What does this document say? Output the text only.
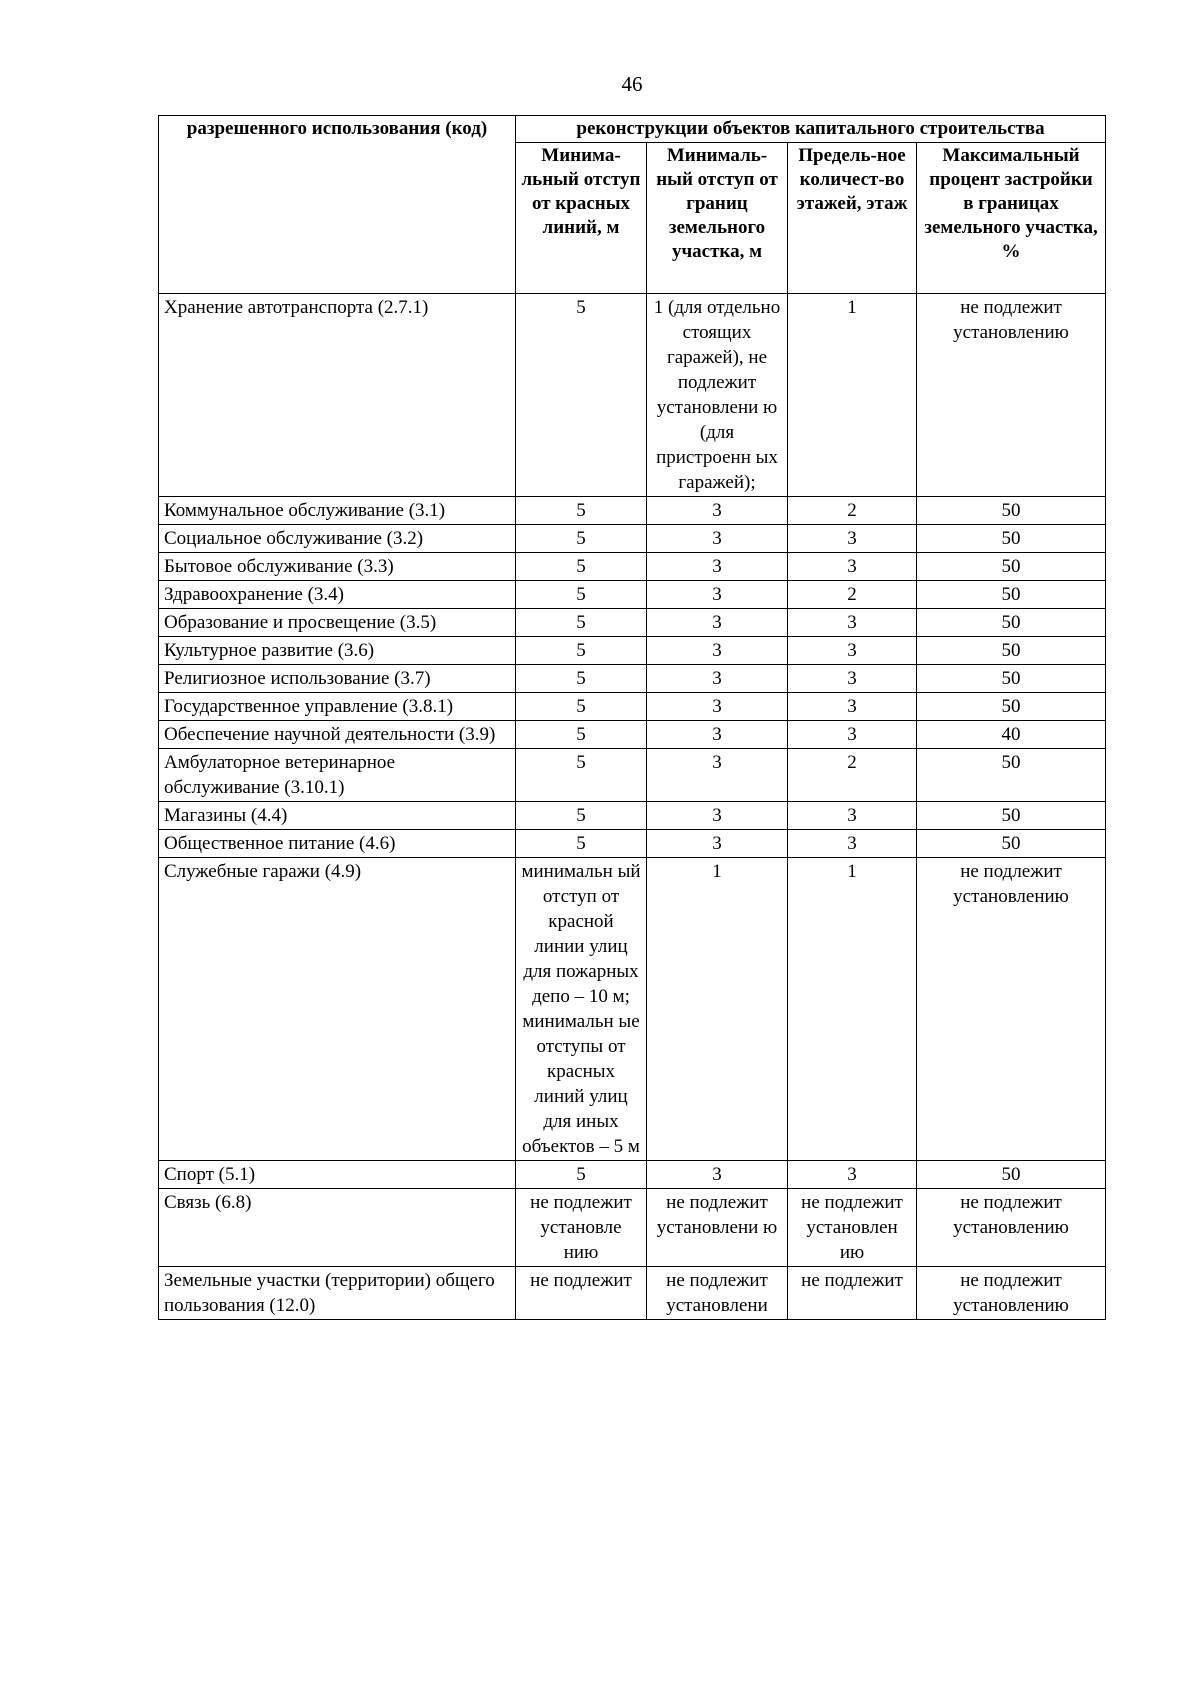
46
разрешенного использования (код)	реконструкции объектов капитального строительства			
	Минима-льный отступ от красных линий, м	Минималь-ный отступ от границ земельного участка, м	Предель-ное количест-во этажей, этаж	Максимальный процент застройки в границах земельного участка, %
Хранение автотранспорта (2.7.1)	5	1 (для отдельно стоящих гаражей), не подлежит установлени ю (для пристроенн ых гаражей);	1	не подлежит установлению
Коммунальное обслуживание (3.1)	5	3	2	50
Социальное обслуживание (3.2)	5	3	3	50
Бытовое обслуживание (3.3)	5	3	3	50
Здравоохранение (3.4)	5	3	2	50
Образование и просвещение (3.5)	5	3	3	50
Культурное развитие (3.6)	5	3	3	50
Религиозное использование (3.7)	5	3	3	50
Государственное управление (3.8.1)	5	3	3	50
Обеспечение научной деятельности (3.9)	5	3	3	40
Амбулаторное ветеринарное обслуживание (3.10.1)	5	3	2	50
Магазины (4.4)	5	3	3	50
Общественное питание (4.6)	5	3	3	50
Служебные гаражи (4.9)	минимальн ый отступ от красной линии улиц для пожарных депо – 10 м; минимальн ые отступы от красных линий улиц для иных объектов – 5 м	1	1	не подлежит установлению
Спорт (5.1)	5	3	3	50
Связь (6.8)	не подлежит установле нию	не подлежит установлени ю	не подлежит установлен ию	не подлежит установлению
Земельные участки (территории) общего пользования (12.0)	не подлежит	не подлежит установлени	не подлежит	не подлежит установлению
